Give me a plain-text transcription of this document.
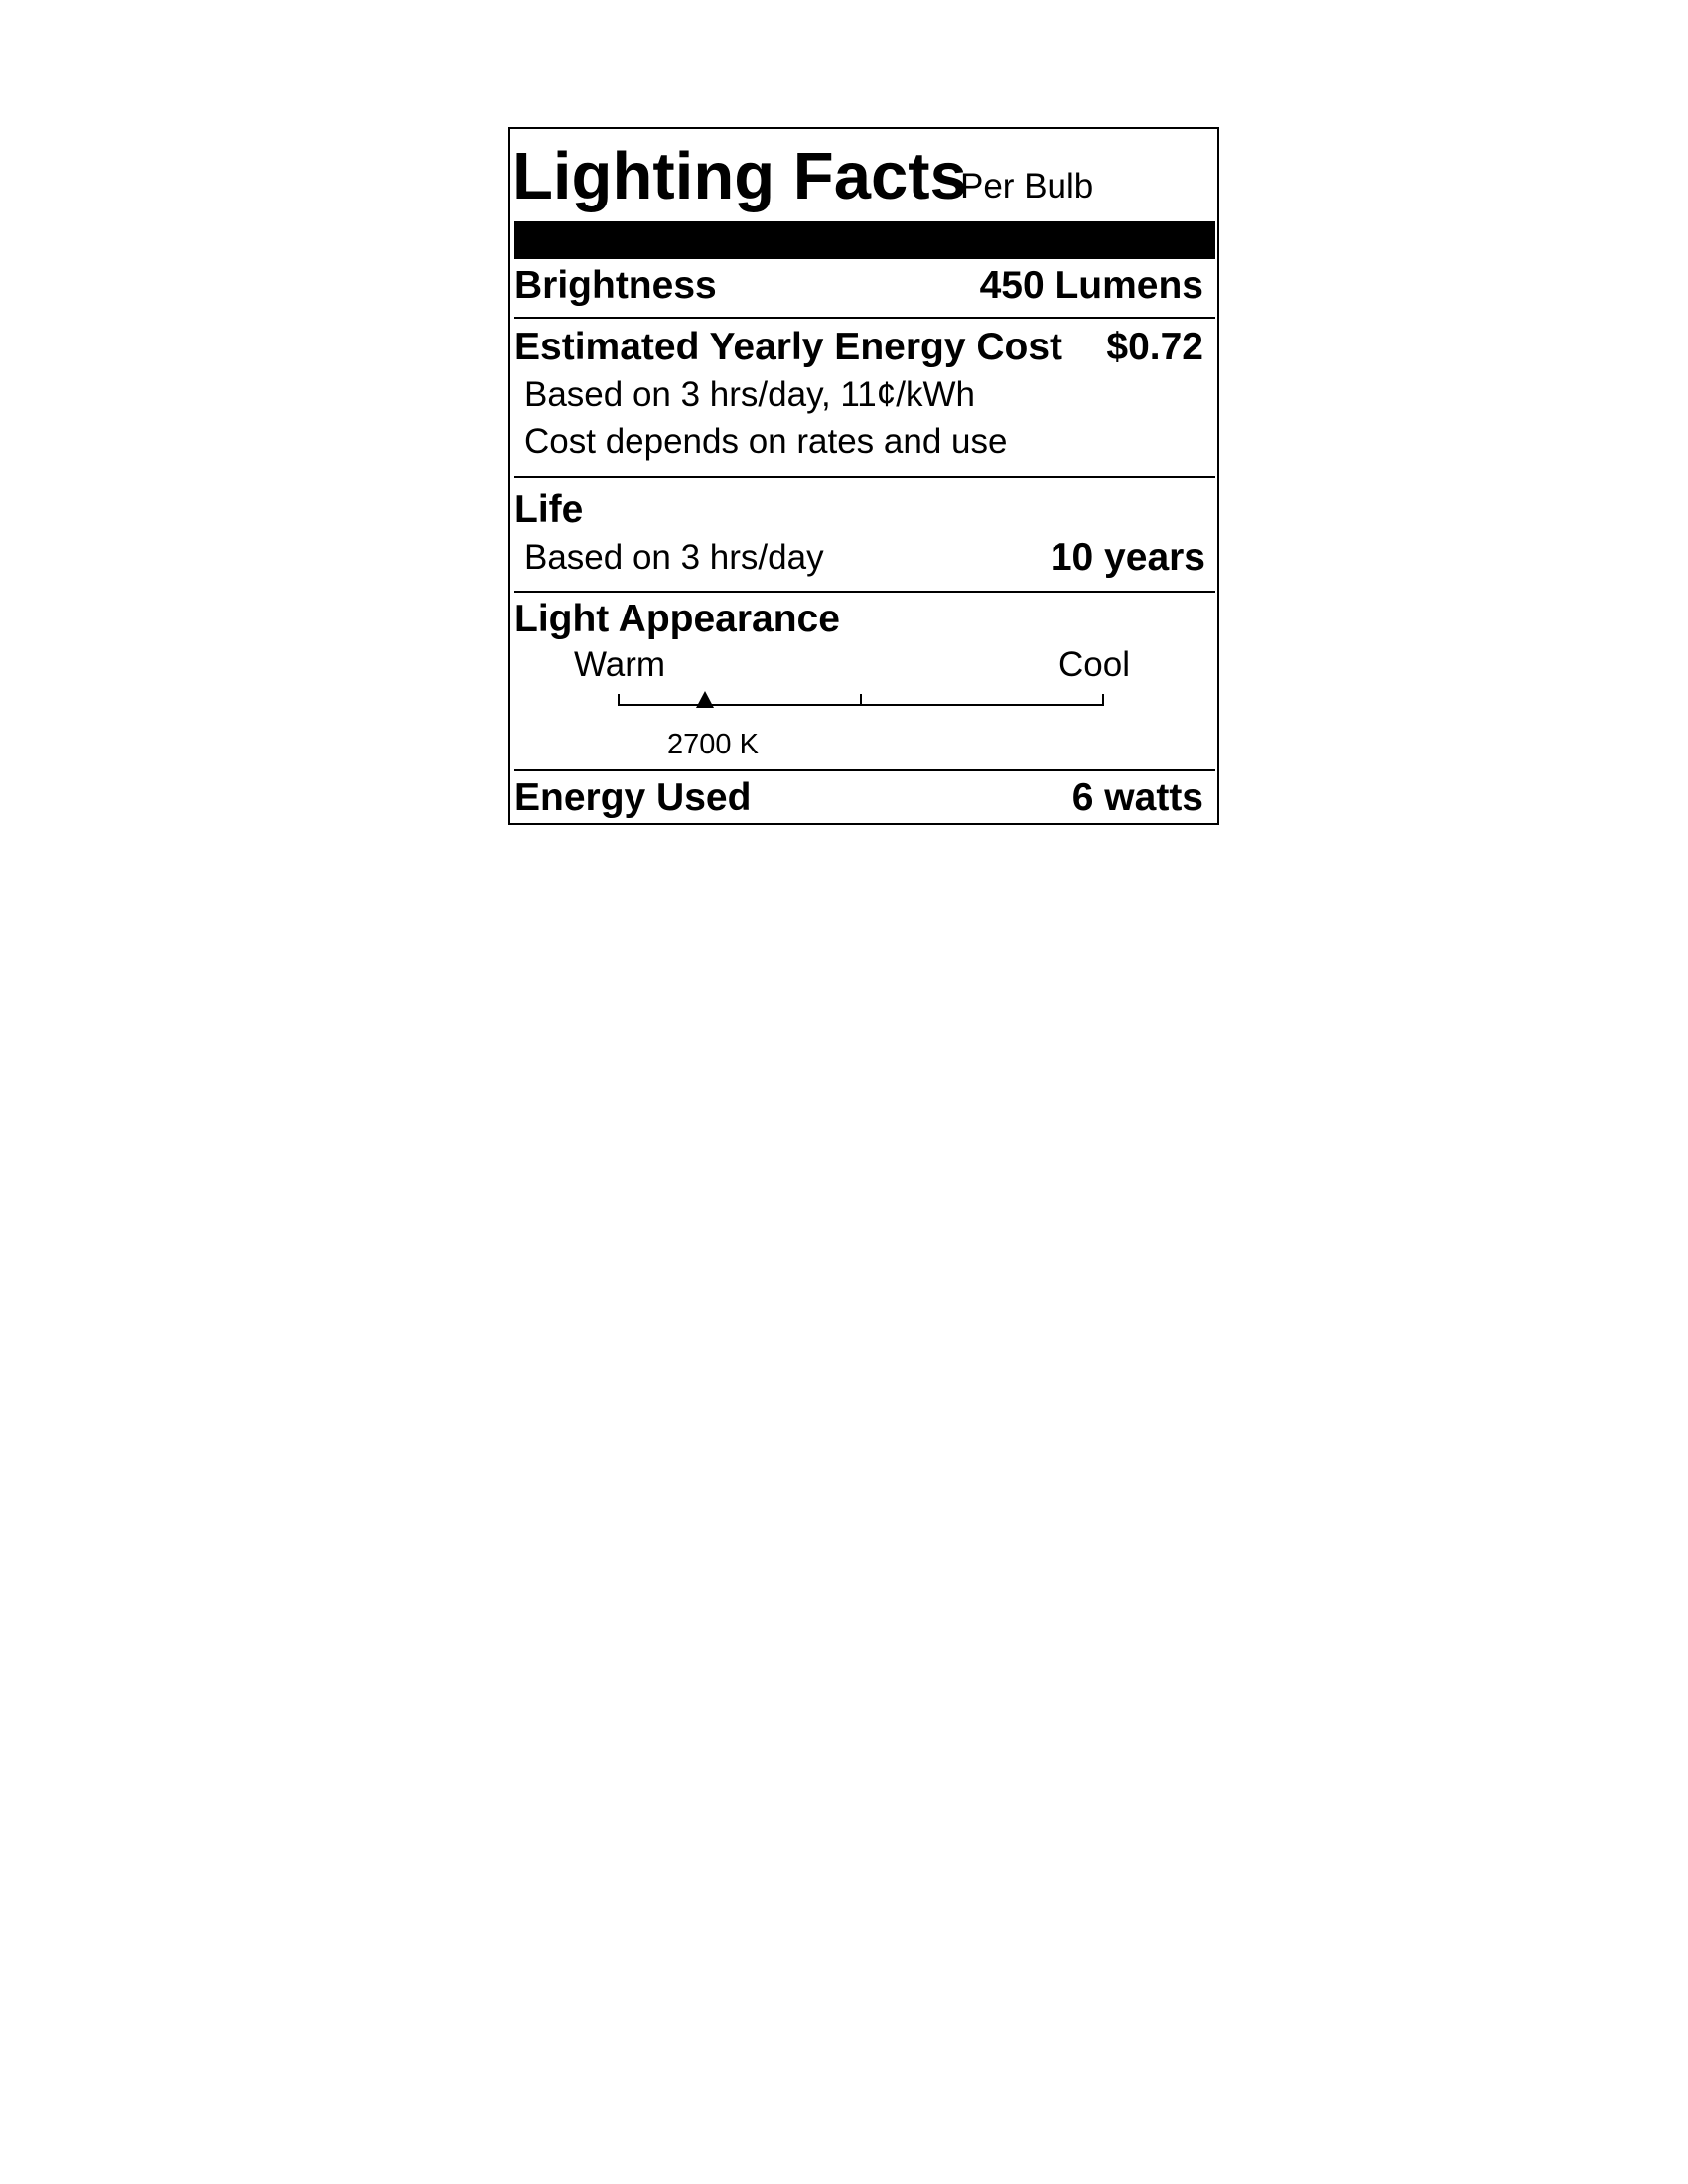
Lighting Facts
Per Bulb
Brightness	450 Lumens
Estimated Yearly Energy Cost $0.72
Based on 3 hrs/day, 11¢/kWh
Cost depends on rates and use
Life
Based on 3 hrs/day	10 years
Light Appearance
Warm	Cool
2700 K
Energy Used	6 watts
